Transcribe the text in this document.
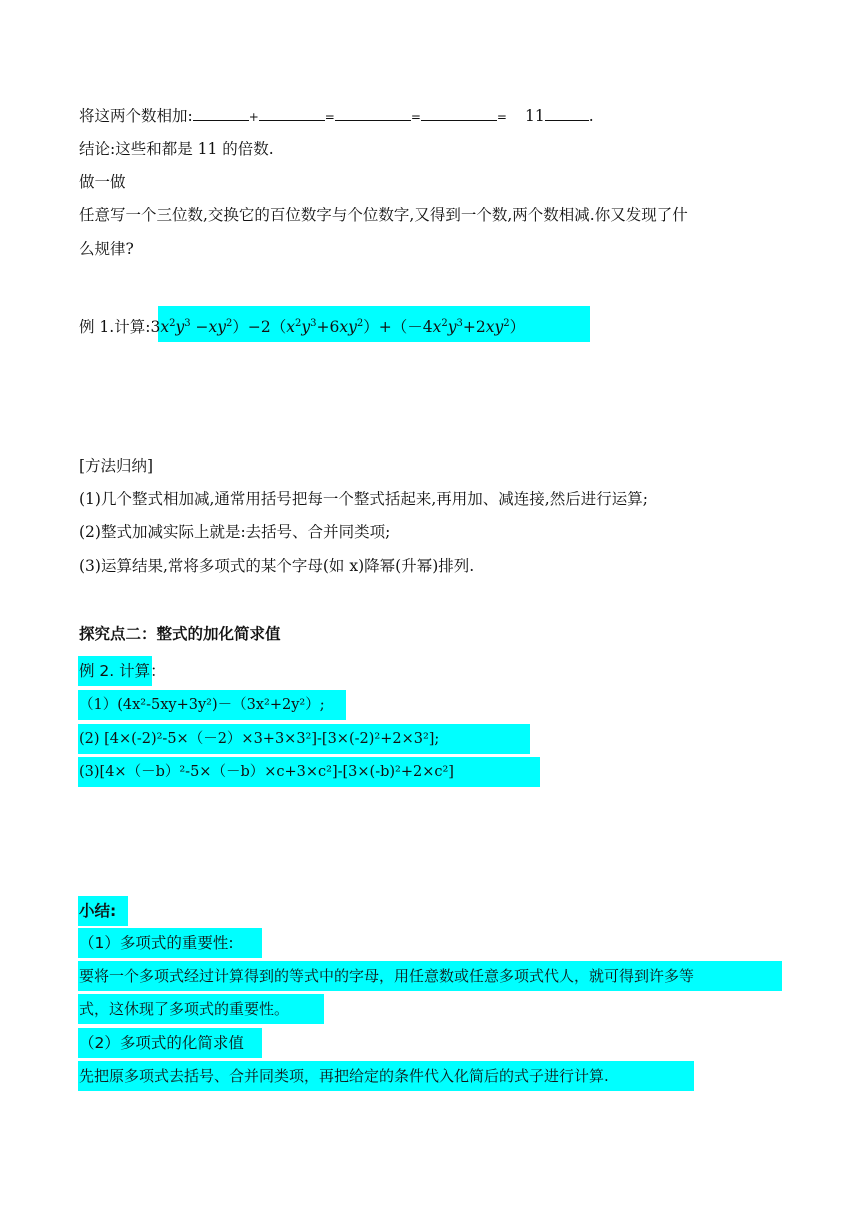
将这两个数相加:	+	=	=	= 11	.
结论:这些和都是 11 的倍数.
做一做
任意写一个三位数,交换它的百位数字与个位数字,又得到一个数,两个数相减.你又发现了什
么规律?
例 1.计算$:3x^2y^3 -xy^2)-2(x^2y^3+6xy^2)+(-4x^2y^3+2xy^2)$
[方法归纳]
(1)几个整式相加减,通常用括号把每一个整式括起来,再用加、减连接,然后进行运算;
(2)整式加减实际上就是:去括号、合并同类项;
(3)运算结果,常将多项式的某个字母(如 x)降幂(升幂)排列.
探究点二：整式的加化简求值
例 2. 计算：
（1）(4x²-5xy+3y²)－（3x²+2y²）;
(2) [4×(-2)²-5×（－2）×3+3×3²]-[3×(-2)²+2×3²];
(3)[4×（－b）²-5×（－b）×c+3×c²]-[3×(-b)²+2×c²]
小结:
（1）多项式的重要性:
要将一个多项式经过计算得到的等式中的字母，用任意数或任意多项式代人，就可得到许多等
式，这休现了多项式的重要性。
（2）多项式的化简求值
先把原多项式去括号、合并同类项，再把给定的条件代入化简后的式子进行计算.
